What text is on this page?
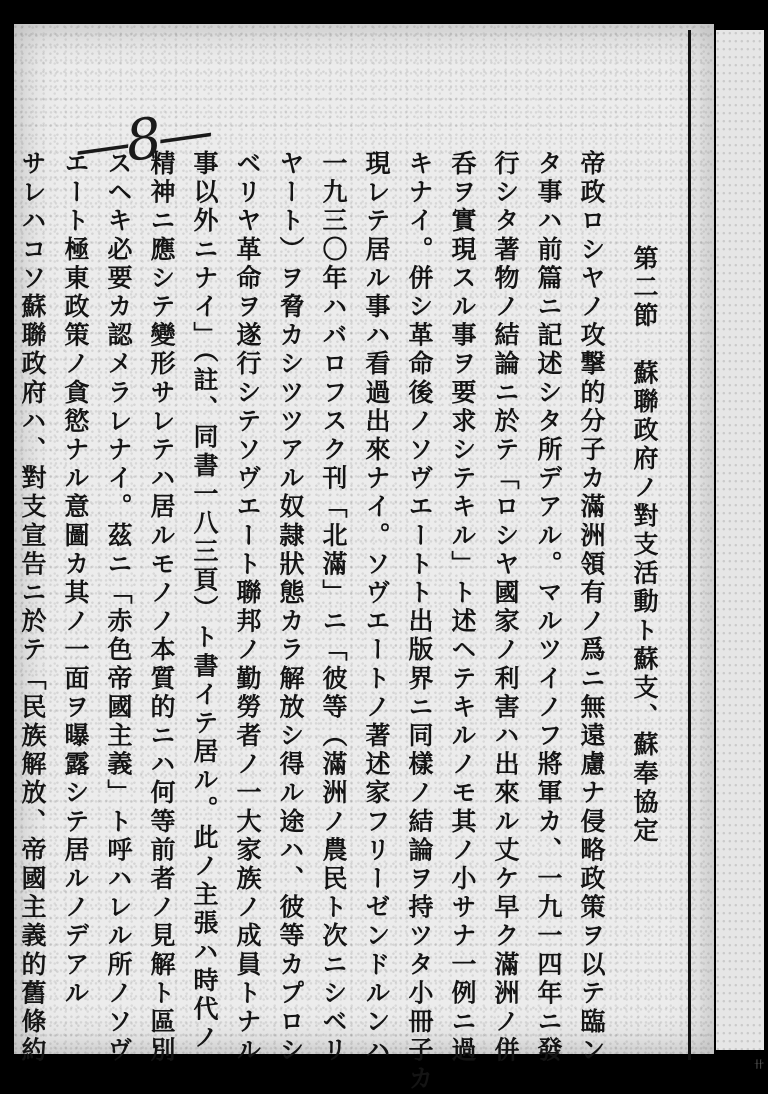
—8—
第二節　蘇聯政府ノ對支活動ト蘇支、蘇奉協定
帝政ロシヤノ攻撃的分子カ滿洲領有ノ爲ニ無遠慮ナ侵略政策ヲ以テ臨ン
タ事ハ前篇ニ記述シタ所デアル。マルツイノフ將軍カ、一九一四年ニ發
行シタ著物ノ結論ニ於テ「ロシヤ國家ノ利害ハ出來ル丈ケ早ク滿洲ノ併
呑ヲ實現スル事ヲ要求シテキル」ト述ヘテキルノモ其ノ小サナ一例ニ過
キナイ。併シ革命後ノソヴエートト出版界ニ同樣ノ結論ヲ持ツタ小冊子カ
現レテ居ル事ハ看過出來ナイ。ソヴエートノ著述家フリーゼンドルンハ
一九三〇年ハバロフスク刊「北滿」ニ「彼等（滿洲ノ農民ト次ニシベリ
ヤート）ヲ脅カシツツアル奴隷狀態カラ解放シ得ル途ハ、彼等カプロシ
ベリヤ革命ヲ遂行シテソヴエート聯邦ノ勤勞者ノ一大家族ノ成員トナル
事以外ニナイ」（註、同書一八三頁）ト書イテ居ル。此ノ主張ハ時代ノ
精神ニ應シテ變形サレテハ居ルモノノ本質的ニハ何等前者ノ見解ト區別
スヘキ必要カ認メラレナイ。茲ニ「赤色帝國主義」ト呼ハレル所ノソヴ
エート極東政策ノ貪慾ナル意圖カ其ノ一面ヲ曝露シテ居ルノデアル
サレハコソ蘇聯政府ハ、對支宣告ニ於テ「民族解放、帝國主義的舊條約
卄
